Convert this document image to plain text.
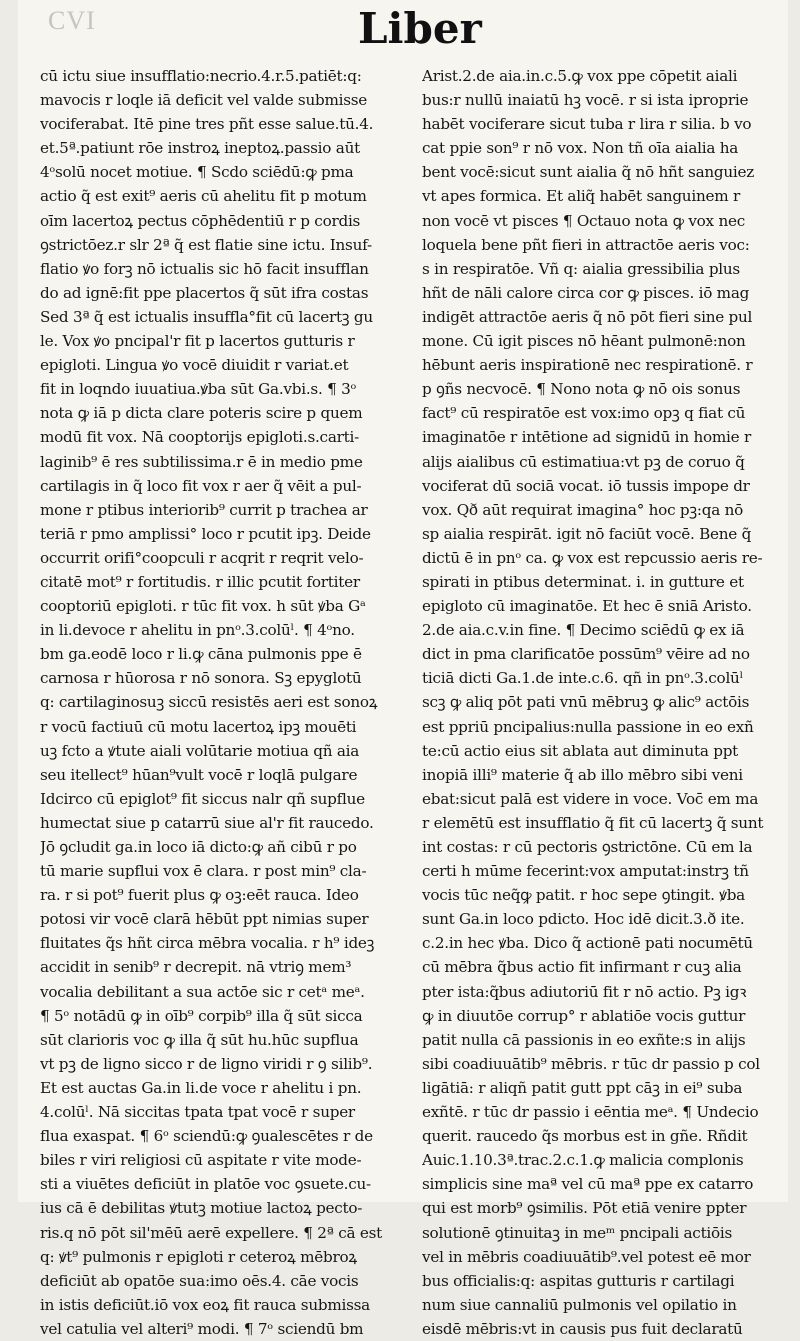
CVI	Liber
cū ictu siue insufflatio:necrio.4.r.5.patiēt:q:
mavocis r loqle iā deficit vel valde submisse
vociferabat. Itē pine tres pñt esse salue.tū.4.
et.5ª.patiunt rōe instroꝝ ineptoꝝ.passio aūt
4ᵒsolū nocet motiue. ¶ Scdo sciēdū:ꝙ pma
actio q̃ est exit⁹ aeris cū ahelitu fit p motum
oīm lacertoꝝ pectus cōphēdentiū r p cordis
ꝯstrictōez.r slr 2ª q̃ est flatie sine ictu. Insuf-
flatio ꝟo forꝫ nō ictualis sic hō facit insufflan
do ad ignē:fit ppe placertos q̃ sūt ifra costas
Sed 3ª q̃ est ictualis insuffla°fit cū lacertꝫ gu
le. Vox ꝟo pncipal'r fit p lacertos gutturis r
epigloti. Lingua ꝟo vocē diuidit r variat.et
fit in loqndo iuuatiua.ꝟba sūt Ga.vbi.s. ¶ 3ᵒ
nota ꝙ iā p dicta clare poteris scire p quem
modū fit vox. Nā cooptorijs epigloti.s.carti-
laginib⁹ ē res subtilissima.r ē in medio pme
cartilagis in q̃ loco fit vox r aer q̃ vēit a pul-
mone r ptibus interiorib⁹ currit p trachea ar
teriā r pmo amplissi° loco r pcutit ipꝫ. Deide
occurrit orifi°coopculi r acqrit r reqrit velo-
citatē mot⁹ r fortitudis. r illic pcutit fortiter
cooptoriū epigloti. r tūc fit vox. h sūt ꝟba Gᵃ
in li.devoce r ahelitu in pnᵒ.3.colūˡ. ¶ 4ᵒno.
bm ga.eodē loco r li.ꝙ cāna pulmonis ppe ē
carnosa r hūorosa r nō sonora. Sꝫ epyglotū
q: cartilaginosuꝫ siccū resistēs aeri est sonoꝝ
r vocū factiuū cū motu lacertoꝝ ipꝫ mouēti
uꝫ fcto a ꝟtute aiali volūtarie motiua qñ aia
seu itellect⁹ hūan⁹vult vocē r loqlā pulgare
Idcirco cū epiglot⁹ fit siccus nalr qñ supflue
humectat siue p catarrū siue al'r fit raucedo.
Jō ꝯcludit ga.in loco iā dicto:ꝙ añ cibū r po
tū marie supflui vox ē clara. r post min⁹ cla-
ra. r si pot⁹ fuerit plus ꝙ oꝫ:eēt rauca. Ideo
potosi vir vocē clarā hēbūt ppt nimias super
fluitates q̃s hñt circa mēbra vocalia. r h⁹ ideꝫ
accidit in senib⁹ r decrepit. nā vtriꝯ mem³
vocalia debilitant a sua actōe sic r cetᵃ meᵃ.
¶ 5ᵒ notādū ꝙ in oīb⁹ corpib⁹ illa q̃ sūt sicca
sūt clarioris voc ꝙ illa q̃ sūt hu.hūc supflua
vt pꝫ de ligno sicco r de ligno viridi r ꝯ silib⁹.
Et est auctas Ga.in li.de voce r ahelitu i pn.
4.colūˡ. Nā siccitas tpata tpat vocē r super
flua exaspat. ¶ 6ᵒ sciendū:ꝙ ꝯualescētes r de
biles r viri religiosi cū aspitate r vite mode-
sti a viuētes deficiūt in platōe voc ꝯsuete.cu-
ius cā ē debilitas ꝟtutꝫ motiue lactoꝝ pecto-
ris.q nō pōt sil'mēū aerē expellere. ¶ 2ª cā est
q: ꝟt⁹ pulmonis r epigloti r ceteroꝝ mēbroꝝ
deficiūt ab opatōe sua:imo oēs.4. cāe vocis
in istis deficiūt.iō vox eoꝝ fit rauca submissa
vel catulia vel alteri⁹ modi. ¶ 7ᵒ sciendū bm
Arist.2.de aia.in.c.5.ꝙ vox ppe cōpetit aiali
bus:r nullū inaiatū hꝫ vocē. r si ista iproprie
habēt vociferare sicut tuba r lira r silia. b vo
cat ppie son⁹ r nō vox. Non tñ oīa aialia ha
bent vocē:sicut sunt aialia q̃ nō hñt sanguiez
vt apes formica. Et aliq̃ habēt sanguinem r
non vocē vt pisces ¶ Octauo nota ꝙ vox nec
loquela bene pñt fieri in attractōe aeris voc:
s in respiratōe. Vñ q: aialia gressibilia plus
hñt de nāli calore circa cor ꝙ pisces. iō mag
indigēt attractōe aeris q̃ nō pōt fieri sine pul
mone. Cū igit pisces nō hēant pulmonē:non
hēbunt aeris inspirationē nec respirationē. r
p ꝯñs necvocē. ¶ Nono nota ꝙ nō ois sonus
fact⁹ cū respiratōe est vox:imo opꝫ q fiat cū
imaginatōe r intētione ad signidū in homie r
alijs aialibus cū estimatiua:vt pꝫ de coruo q̃
vociferat dū sociā vocat. iō tussis impope dr
vox. Qð aūt requirat imagina° hoc pꝫ:qa nō
sp aialia respirāt. igit nō faciūt vocē. Bene q̃
dictū ē in pnᵒ ca. ꝙ vox est repcussio aeris re-
spirati in ptibus determinat. i. in gutture et
epigloto cū imaginatōe. Et hec ē sniā Aristo.
2.de aia.c.v.in fine. ¶ Decimo sciēdū ꝙ ex iā
dict in pma clarificatōe possūm⁹ vēire ad no
ticiā dicti Ga.1.de inte.c.6. qñ in pnᵒ.3.colūˡ
scꝫ ꝙ aliq pōt pati vnū mēbruꝫ ꝙ alic⁹ actōis
est ppriū pncipalius:nulla passione in eo exñ
te:cū actio eius sit ablata aut diminuta ppt
inopiā illi⁹ materie q̃ ab illo mēbro sibi veni
ebat:sicut palā est videre in voce. Voc̄ em ma
r elemētū est insufflatio q̃ fit cū lacertꝫ q̃ sunt
int costas: r cū pectoris ꝯstrictōne. Cū em la
certi h mūme fecerint:vox amputat:instrꝫ tñ
vocis tūc neq̃ꝙ patit. r hoc sepe ꝯtingit. ꝟba
sunt Ga.in loco pdicto. Hoc idē dicit.3.ð ite.
c.2.in hec ꝟba. Dico q̃ actionē pati nocumētū
cū mēbra q̃bus actio fit infirmant r cuꝫ alia
pter ista:q̃bus adiutoriū fit r nō actio. Pꝫ igꝛ
ꝙ in diuutōe corrup° r ablatiōe vocis guttur
patit nulla cā passionis in eo exñte:s in alijs
sibi coadiuuātib⁹ mēbris. r tūc dr passio p col
ligātiā: r aliqñ patit gutt ppt cāꝫ in ei⁹ suba
exñtē. r tūc dr passio i eēntia meᵃ. ¶ Undecio
querit. raucedo q̃s morbus est in gñe. Rñdit
Auic.1.10.3ª.trac.2.c.1.ꝙ malicia complonis
simplicis sine maª vel cū maª ppe ex catarro
qui est morb⁹ ꝯsimilis. Pōt etiā venire ppter
solutionē ꝯtinuitaꝫ in meᵐ pncipali actiōis
vel in mēbris coadiuuātib⁹.vel potest eē mor
bus officialis:q: aspitas gutturis r cartilagi
num siue cannaliū pulmonis vel opilatio in
eisdē mēbris:vt in causis pus fuit declaratū
